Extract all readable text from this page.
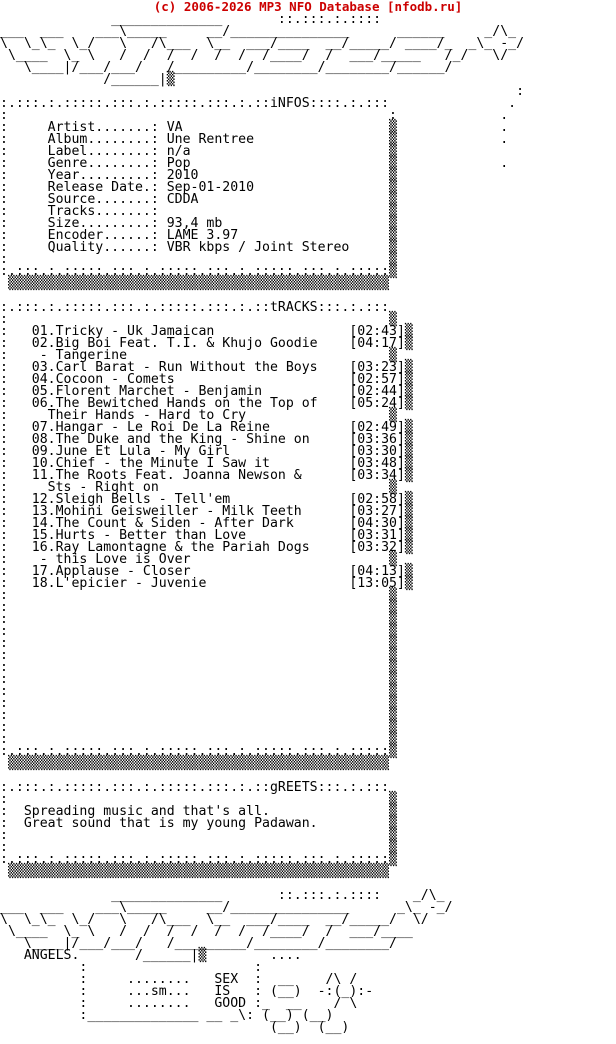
(c) 2006-2026 MP3 NFO Database [nfodb.ru]
______________       ::.:::.:.::::
___  ___    ___\_____     __/_______________      ______     _/\_
\  \_\_  \_/   \   /\___  \__  ___/____  __/_____/ ____/_  _\_ -_/
\____  \_ \   /  /  /  /  /  /  /____/  /  ___/_____   /_/   \/
\____|/___/___/   /_________/________/________/______/
/______|▒
:
:.:::.:.:::::.:::.:.:::::.:::.:.::iNFOS::::.:.:::               .
:                                                :             .
:     Artist.......: VA                          ▒             .
:     Album........: Une Rentree                 ▒             .
:     Label........: n/a                         ▒
:     Genre........: Pop                         ▒             .
:     Year.........: 2010                        ▒
:     Release Date.: Sep-01-2010                 ▒
:     Source.......: CDDA                        ▒
:     Tracks.......:                             ▒
:     Size.........: 93,4 mb                     ▒
:     Encoder......: LAME 3.97                   ▒
:     Quality......: VBR kbps / Joint Stereo     ▒
:                                                ▒
:.:::.:.:::::.:::.:.:::::.:::.:.:::::.:::.:.:::::▒
▒▒▒▒▒▒▒▒▒▒▒▒▒▒▒▒▒▒▒▒▒▒▒▒▒▒▒▒▒▒▒▒▒▒▒▒▒▒▒▒▒▒▒▒▒▒▒▒

:.:::.:.:::::.:::.:.:::::.:::.:.::tRACKS:::.:.:::
:                                                ▒
:   01.Tricky - Uk Jamaican                 [02:43]▒
:   02.Big Boi Feat. T.I. & Khujo Goodie    [04:17]▒
:    - Tangerine                                 ▒
:   03.Carl Barat - Run Without the Boys    [03:23]▒
:   04.Cocoon - Comets                      [02:57]▒
:   05.Florent Marchet - Benjamin           [02:44]▒
:   06.The Bewitched Hands on the Top of    [05:24]▒
:     Their Hands - Hard to Cry                  ▒
:   07.Hangar - Le Roi De La Reine          [02:49]▒
:   08.The Duke and the King - Shine on     [03:36]▒
:   09.June Et Lula - My Girl               [03:30]▒
:   10.Chief - the Minute I Saw it          [03:48]▒
:   11.The Roots Feat. Joanna Newson &      [03:34]▒
:     Sts - Right on                             ▒
:   12.Sleigh Bells - Tell'em               [02:58]▒
:   13.Mohini Geisweiller - Milk Teeth      [03:27]▒
:   14.The Count & Siden - After Dark       [04:30]▒
:   15.Hurts - Better than Love             [03:31]▒
:   16.Ray Lamontagne & the Pariah Dogs     [03:32]▒
:    - this Love is Over                         ▒
:   17.Applause - Closer                    [04:13]▒
:   18.L'epicier - Juvenie                  [13:05]▒
:                                                ▒
:                                                ▒
:                                                ▒
:                                                ▒
:                                                ▒
:                                                ▒
:                                                ▒
:                                                ▒
:                                                ▒
:                                                ▒
:                                                ▒
:                                                ▒
:                                                ▒
:.:::.:.:::::.:::.:.:::::.:::.:.:::::.:::.:.:::::▒
▒▒▒▒▒▒▒▒▒▒▒▒▒▒▒▒▒▒▒▒▒▒▒▒▒▒▒▒▒▒▒▒▒▒▒▒▒▒▒▒▒▒▒▒▒▒▒▒

:.:::.:.:::::.:::.:.:::::.:::.:.::gREETS:::.:.:::
:                                                ▒
:  Spreading music and that's all.               ▒
:  Great sound that is my young Padawan.         ▒
:                                                ▒
:                                                ▒
:.:::.:.:::::.:::.:.:::::.:::.:.:::::.:::.:.:::::▒
▒▒▒▒▒▒▒▒▒▒▒▒▒▒▒▒▒▒▒▒▒▒▒▒▒▒▒▒▒▒▒▒▒▒▒▒▒▒▒▒▒▒▒▒▒▒▒▒

______________       ::.:::.:.::::    _/\_
___  ___    ___\_____     __/_______________      _\_ -_/
\  \_\_  \_/   \   /\___  \__  ___/____  __/_____/  \/
\____  \_ \   /  /  /  /  /  /  /____/  /  ___/____
\____|/___/___/   /_________/________/________/
ANGELS.       /______|▒        ....
:                     :
:     ........   SEX  :  __    /\ /
:     ...sm...   IS   : (__)  -:(_):-
:     ........   GOOD :_  __    / \
:______________ __ _\: (__) (__)
(__)  (__)
